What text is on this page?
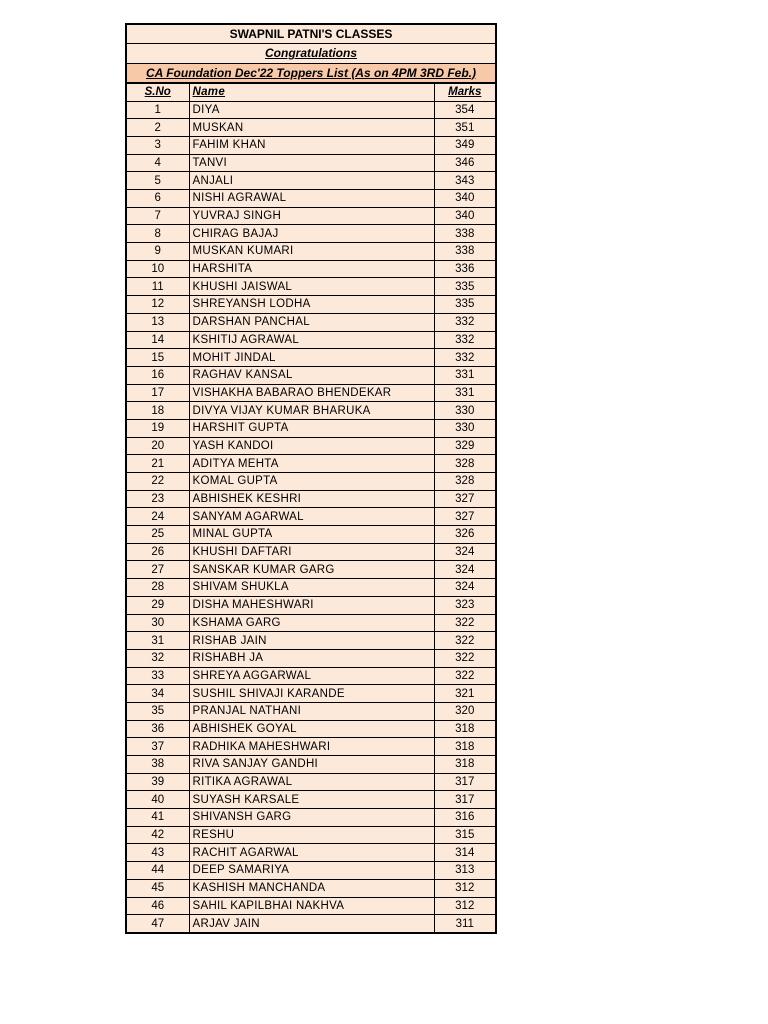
SWAPNIL PATNI'S CLASSES
Congratulations
CA Foundation Dec'22 Toppers List (As on 4PM 3RD Feb.)
S.No	Name	Marks
1	DIYA	354
2	MUSKAN	351
3	FAHIM KHAN	349
4	TANVI	346
5	ANJALI	343
6	NISHI AGRAWAL	340
7	YUVRAJ SINGH	340
8	CHIRAG BAJAJ	338
9	MUSKAN KUMARI	338
10	HARSHITA	336
11	KHUSHI JAISWAL	335
12	SHREYANSH LODHA	335
13	DARSHAN PANCHAL	332
14	KSHITIJ AGRAWAL	332
15	MOHIT JINDAL	332
16	RAGHAV KANSAL	331
17	VISHAKHA BABARAO BHENDEKAR	331
18	DIVYA VIJAY KUMAR BHARUKA	330
19	HARSHIT GUPTA	330
20	YASH KANDOI	329
21	ADITYA MEHTA	328
22	KOMAL GUPTA	328
23	ABHISHEK KESHRI	327
24	SANYAM AGARWAL	327
25	MINAL GUPTA	326
26	KHUSHI DAFTARI	324
27	SANSKAR KUMAR GARG	324
28	SHIVAM SHUKLA	324
29	DISHA MAHESHWARI	323
30	KSHAMA GARG	322
31	RISHAB JAIN	322
32	RISHABH JA	322
33	SHREYA AGGARWAL	322
34	SUSHIL SHIVAJI KARANDE	321
35	PRANJAL NATHANI	320
36	ABHISHEK GOYAL	318
37	RADHIKA MAHESHWARI	318
38	RIVA SANJAY GANDHI	318
39	RITIKA AGRAWAL	317
40	SUYASH KARSALE	317
41	SHIVANSH GARG	316
42	RESHU	315
43	RACHIT AGARWAL	314
44	DEEP SAMARIYA	313
45	KASHISH MANCHANDA	312
46	SAHIL KAPILBHAI NAKHVA	312
47	ARJAV JAIN	311
